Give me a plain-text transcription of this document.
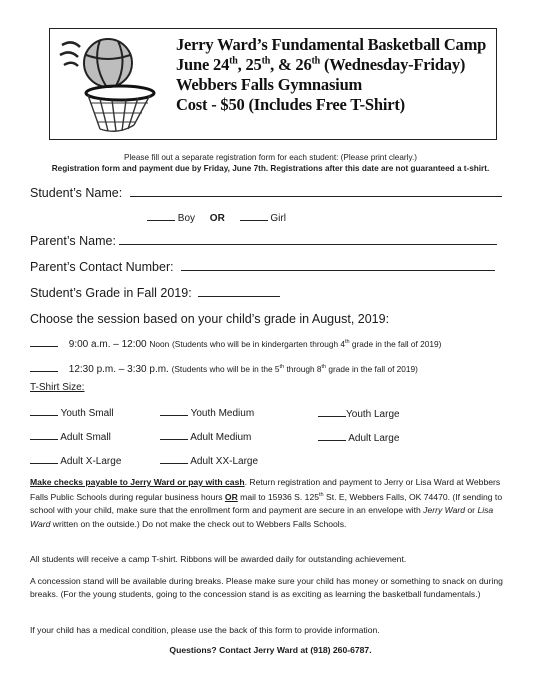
Jerry Ward’s Fundamental Basketball Camp
June 24th, 25th, & 26th (Wednesday-Friday)
Webbers Falls Gymnasium
Cost - $50 (Includes Free T-Shirt)
Please fill out a separate registration form for each student: (Please print clearly.)
Registration form and payment due by Friday, June 7th. Registrations after this date are not guaranteed a t-shirt.
Student’s Name:
Boy OR	Girl
Parent’s Name:
Parent’s Contact Number:
Student’s Grade in Fall 2019:
Choose the session based on your child’s grade in August, 2019:
9:00 a.m. – 12:00 Noon (Students who will be in kindergarten through 4th grade in the fall of 2019)
12:30 p.m. – 3:30 p.m. (Students who will be in the 5th through 8th grade in the fall of 2019)
T-Shirt Size:
Youth Small	Youth Medium	Youth Large
Adult Small	Adult Medium	Adult Large
Adult X-Large	Adult XX-Large
Make checks payable to Jerry Ward or pay with cash. Return registration and payment to Jerry or Lisa Ward at Webbers Falls Public Schools during regular business hours OR mail to 15936 S. 125th St. E, Webbers Falls, OK 74470. (If sending to school with your child, make sure that the enrollment form and payment are secure in an envelope with Jerry Ward or Lisa Ward written on the outside.) Do not make the check out to Webbers Falls Schools.
All students will receive a camp T-shirt. Ribbons will be awarded daily for outstanding achievement.
A concession stand will be available during breaks. Please make sure your child has money or something to snack on during breaks. (For the young students, going to the concession stand is as exciting as learning the basketball fundamentals.)
If your child has a medical condition, please use the back of this form to provide information.
Questions? Contact Jerry Ward at (918) 260-6787.
